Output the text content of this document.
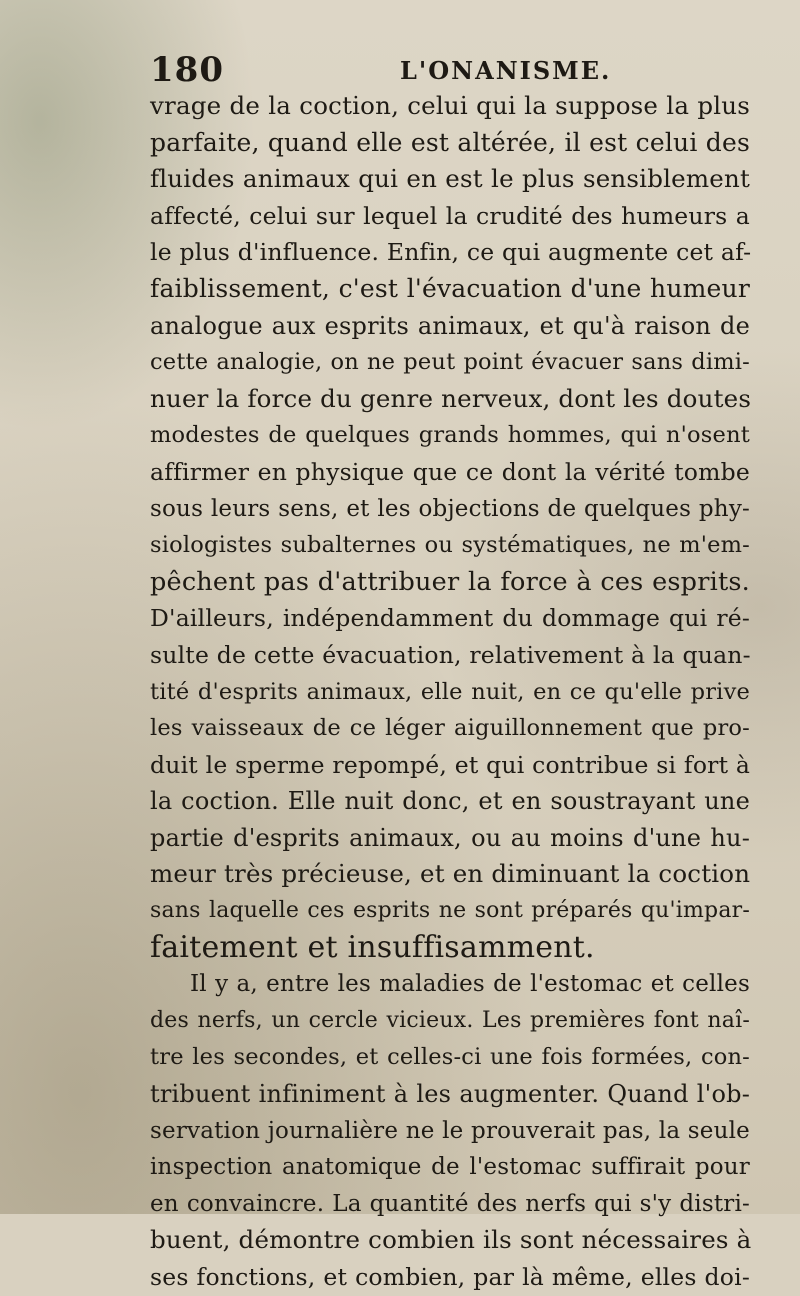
180	L'ONANISME.
vrage de la coction, celui qui la suppose la plus
parfaite, quand elle est altérée, il est celui des
fluides animaux qui en est le plus sensiblement
affecté, celui sur lequel la crudité des humeurs a
le plus d'influence. Enfin, ce qui augmente cet af-
faiblissement, c'est l'évacuation d'une humeur
analogue aux esprits animaux, et qu'à raison de
cette analogie, on ne peut point évacuer sans dimi-
nuer la force du genre nerveux, dont les doutes
modestes de quelques grands hommes, qui n'osent
affirmer en physique que ce dont la vérité tombe
sous leurs sens, et les objections de quelques phy-
siologistes subalternes ou systématiques, ne m'em-
pêchent pas d'attribuer la force à ces esprits.
D'ailleurs, indépendamment du dommage qui ré-
sulte de cette évacuation, relativement à la quan-
tité d'esprits animaux, elle nuit, en ce qu'elle prive
les vaisseaux de ce léger aiguillonnement que pro-
duit le sperme repompé, et qui contribue si fort à
la coction. Elle nuit donc, et en soustrayant une
partie d'esprits animaux, ou au moins d'une hu-
meur très précieuse, et en diminuant la coction
sans laquelle ces esprits ne sont préparés qu'impar-
faitement et insuffisamment.
Il y a, entre les maladies de l'estomac et celles
des nerfs, un cercle vicieux. Les premières font naî-
tre les secondes, et celles-ci une fois formées, con-
tribuent infiniment à les augmenter. Quand l'ob-
servation journalière ne le prouverait pas, la seule
inspection anatomique de l'estomac suffirait pour
en convaincre. La quantité des nerfs qui s'y distri-
buent, démontre combien ils sont nécessaires à
ses fonctions, et combien, par là même, elles doi-
